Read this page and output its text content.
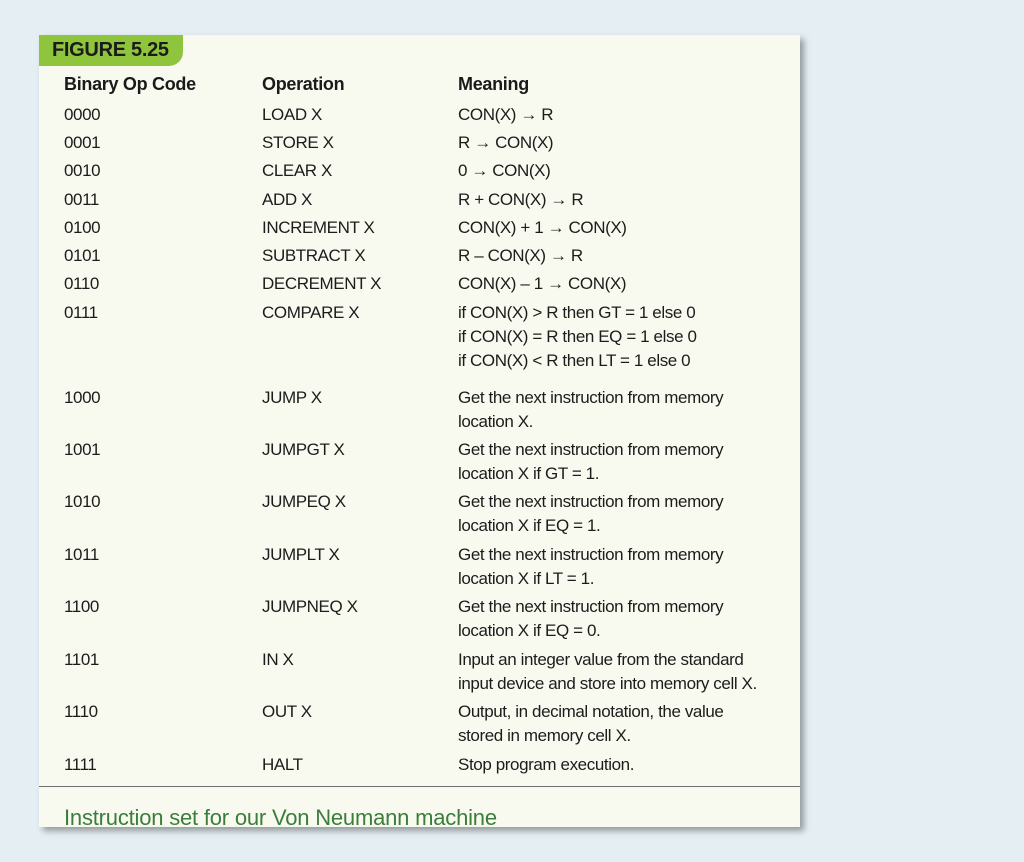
FIGURE 5.25
Binary Op Code	Operation	Meaning
0000	LOAD X	CON(X) → R
0001	STORE X	R → CON(X)
0010	CLEAR X	0 → CON(X)
0011	ADD X	R + CON(X) → R
0100	INCREMENT X	CON(X) + 1 → CON(X)
0101	SUBTRACT X	R – CON(X) → R
0110	DECREMENT X	CON(X) – 1 → CON(X)
0111	COMPARE X	if CON(X) > R then GT = 1 else 0
if CON(X) = R then EQ = 1 else 0
if CON(X) < R then LT = 1 else 0
1000	JUMP X	Get the next instruction from memory
location X.
1001	JUMPGT X	Get the next instruction from memory
location X if GT = 1.
1010	JUMPEQ X	Get the next instruction from memory
location X if EQ = 1.
1011	JUMPLT X	Get the next instruction from memory
location X if LT = 1.
1100	JUMPNEQ X	Get the next instruction from memory
location X if EQ = 0.
1101	IN X	Input an integer value from the standard
input device and store into memory cell X.
1110	OUT X	Output, in decimal notation, the value
stored in memory cell X.
1111	HALT	Stop program execution.
Instruction set for our Von Neumann machine
